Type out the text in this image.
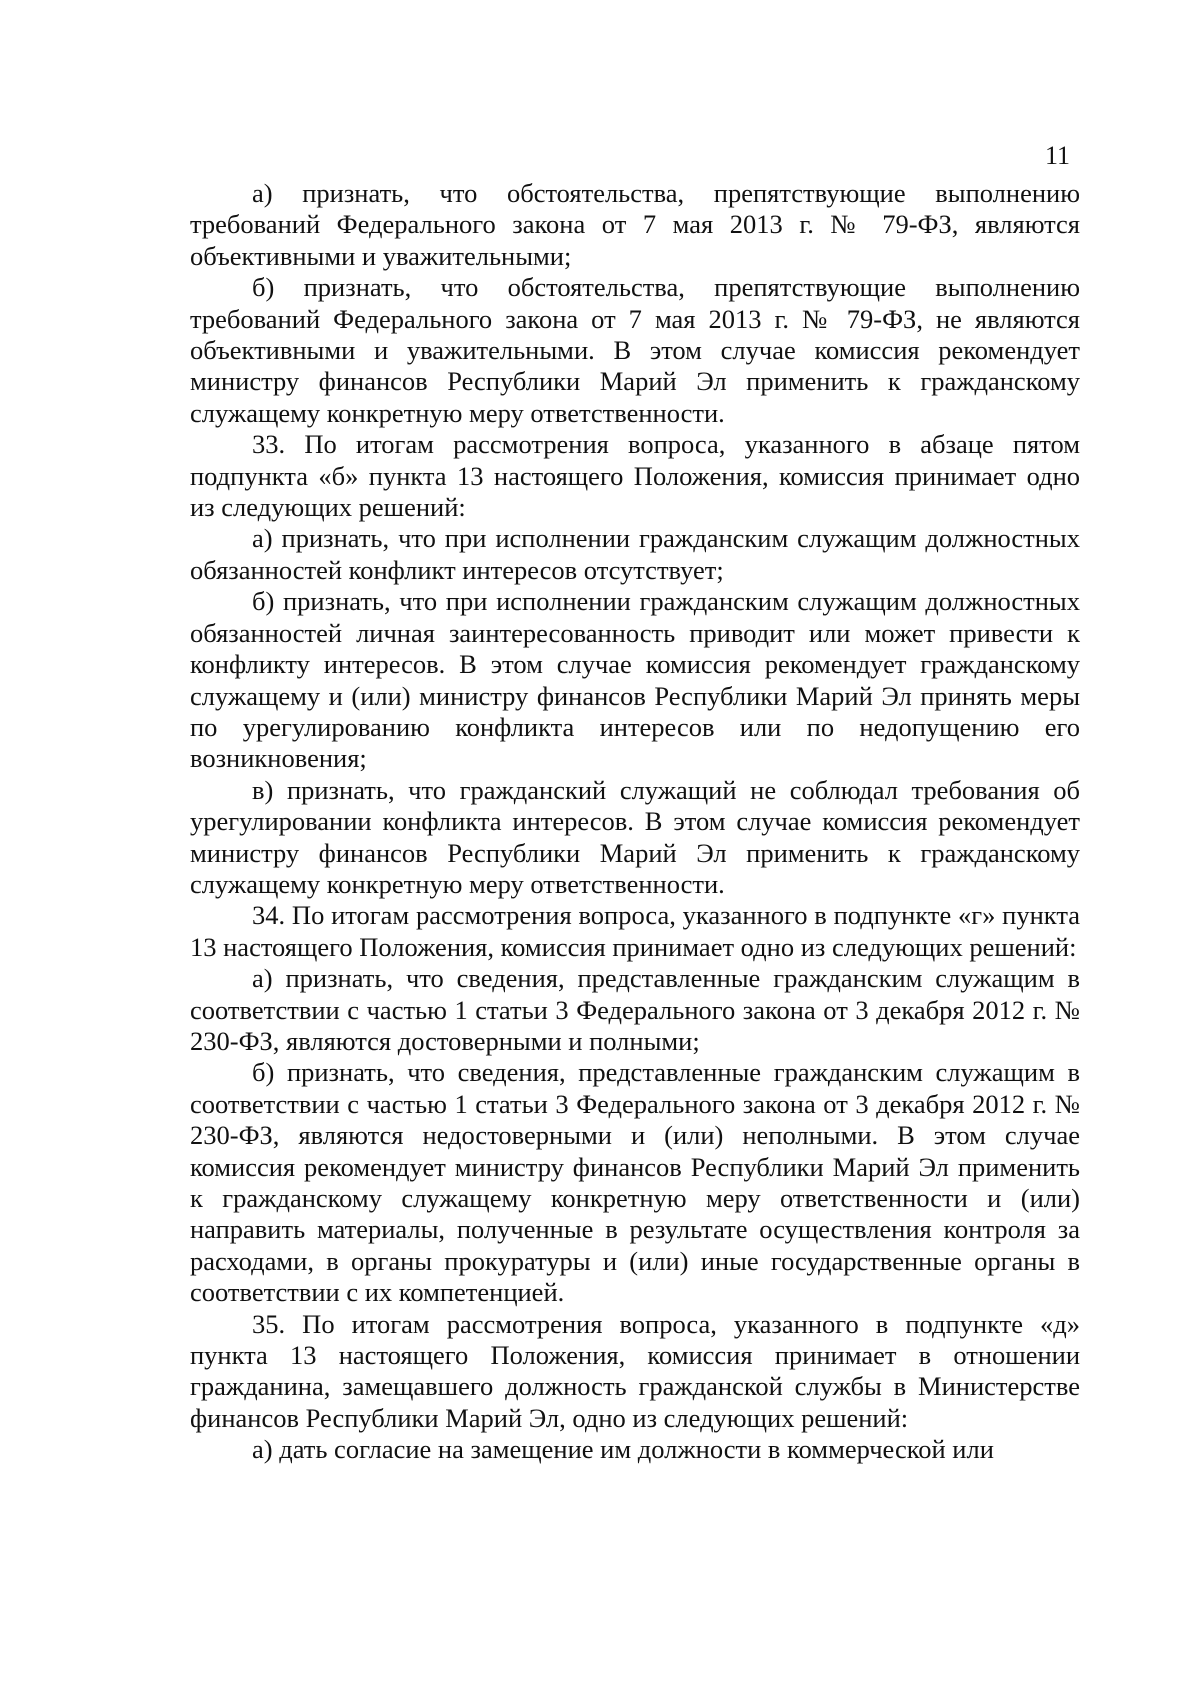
11

а) признать, что обстоятельства, препятствующие выполнению требований Федерального закона от 7 мая 2013 г. № 79-ФЗ, являются объективными и уважительными;

б) признать, что обстоятельства, препятствующие выполнению требований Федерального закона от 7 мая 2013 г. № 79-ФЗ, не являются объективными и уважительными. В этом случае комиссия рекомендует министру финансов Республики Марий Эл применить к гражданскому служащему конкретную меру ответственности.

33. По итогам рассмотрения вопроса, указанного в абзаце пятом подпункта «б» пункта 13 настоящего Положения, комиссия принимает одно из следующих решений:

а) признать, что при исполнении гражданским служащим должностных обязанностей конфликт интересов отсутствует;

б) признать, что при исполнении гражданским служащим должностных обязанностей личная заинтересованность приводит или может привести к конфликту интересов. В этом случае комиссия рекомендует гражданскому служащему и (или) министру финансов Республики Марий Эл принять меры по урегулированию конфликта интересов или по недопущению его возникновения;

в) признать, что гражданский служащий не соблюдал требования об урегулировании конфликта интересов. В этом случае комиссия рекомендует министру финансов Республики Марий Эл применить к гражданскому служащему конкретную меру ответственности.

34. По итогам рассмотрения вопроса, указанного в подпункте «г» пункта 13 настоящего Положения, комиссия принимает одно из следующих решений:

а) признать, что сведения, представленные гражданским служащим в соответствии с частью 1 статьи 3 Федерального закона от 3 декабря 2012 г. № 230-ФЗ, являются достоверными и полными;

б) признать, что сведения, представленные гражданским служащим в соответствии с частью 1 статьи 3 Федерального закона от 3 декабря 2012 г. № 230-ФЗ, являются недостоверными и (или) неполными. В этом случае комиссия рекомендует министру финансов Республики Марий Эл применить к гражданскому служащему конкретную меру ответственности и (или) направить материалы, полученные в результате осуществления контроля за расходами, в органы прокуратуры и (или) иные государственные органы в соответствии с их компетенцией.

35. По итогам рассмотрения вопроса, указанного в подпункте «д» пункта 13 настоящего Положения, комиссия принимает в отношении гражданина, замещавшего должность гражданской службы в Министерстве финансов Республики Марий Эл, одно из следующих решений:

а) дать согласие на замещение им должности в коммерческой или
